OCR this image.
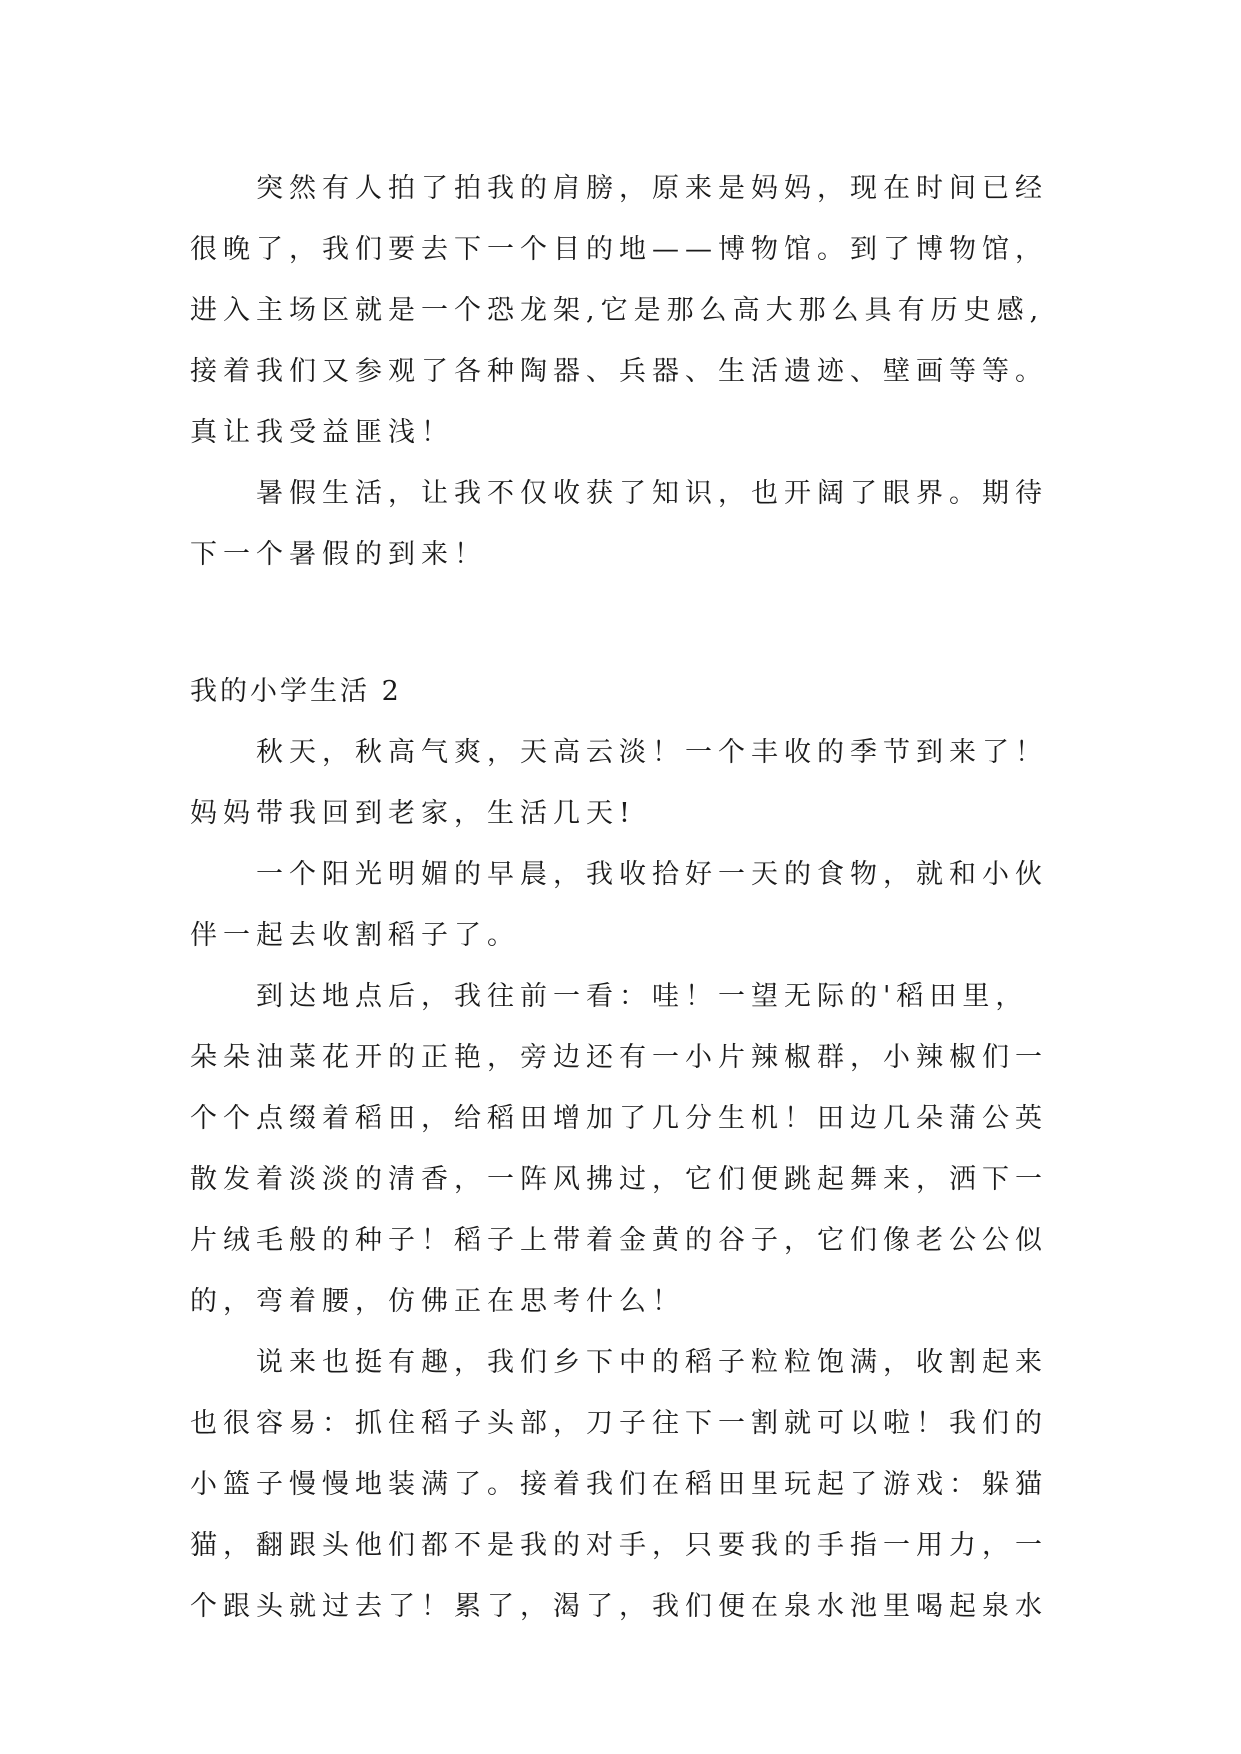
突然有人拍了拍我的肩膀，原来是妈妈，现在时间已经
很晚了，我们要去下一个目的地——博物馆。到了博物馆，
进入主场区就是一个恐龙架,它是那么高大那么具有历史感,
接着我们又参观了各种陶器、兵器、生活遗迹、壁画等等。
真让我受益匪浅！
暑假生活，让我不仅收获了知识，也开阔了眼界。期待
下一个暑假的到来！
我的小学生活 2
秋天，秋高气爽，天高云淡！一个丰收的季节到来了！
妈妈带我回到老家，生活几天!
一个阳光明媚的早晨，我收拾好一天的食物，就和小伙
伴一起去收割稻子了。
到达地点后，我往前一看：哇！一望无际的'稻田里，
朵朵油菜花开的正艳，旁边还有一小片辣椒群，小辣椒们一
个个点缀着稻田，给稻田增加了几分生机！田边几朵蒲公英
散发着淡淡的清香，一阵风拂过，它们便跳起舞来，洒下一
片绒毛般的种子！稻子上带着金黄的谷子，它们像老公公似
的，弯着腰，仿佛正在思考什么！
说来也挺有趣，我们乡下中的稻子粒粒饱满，收割起来
也很容易：抓住稻子头部，刀子往下一割就可以啦！我们的
小篮子慢慢地装满了。接着我们在稻田里玩起了游戏：躲猫
猫，翻跟头他们都不是我的对手，只要我的手指一用力，一
个跟头就过去了！累了，渴了，我们便在泉水池里喝起泉水
